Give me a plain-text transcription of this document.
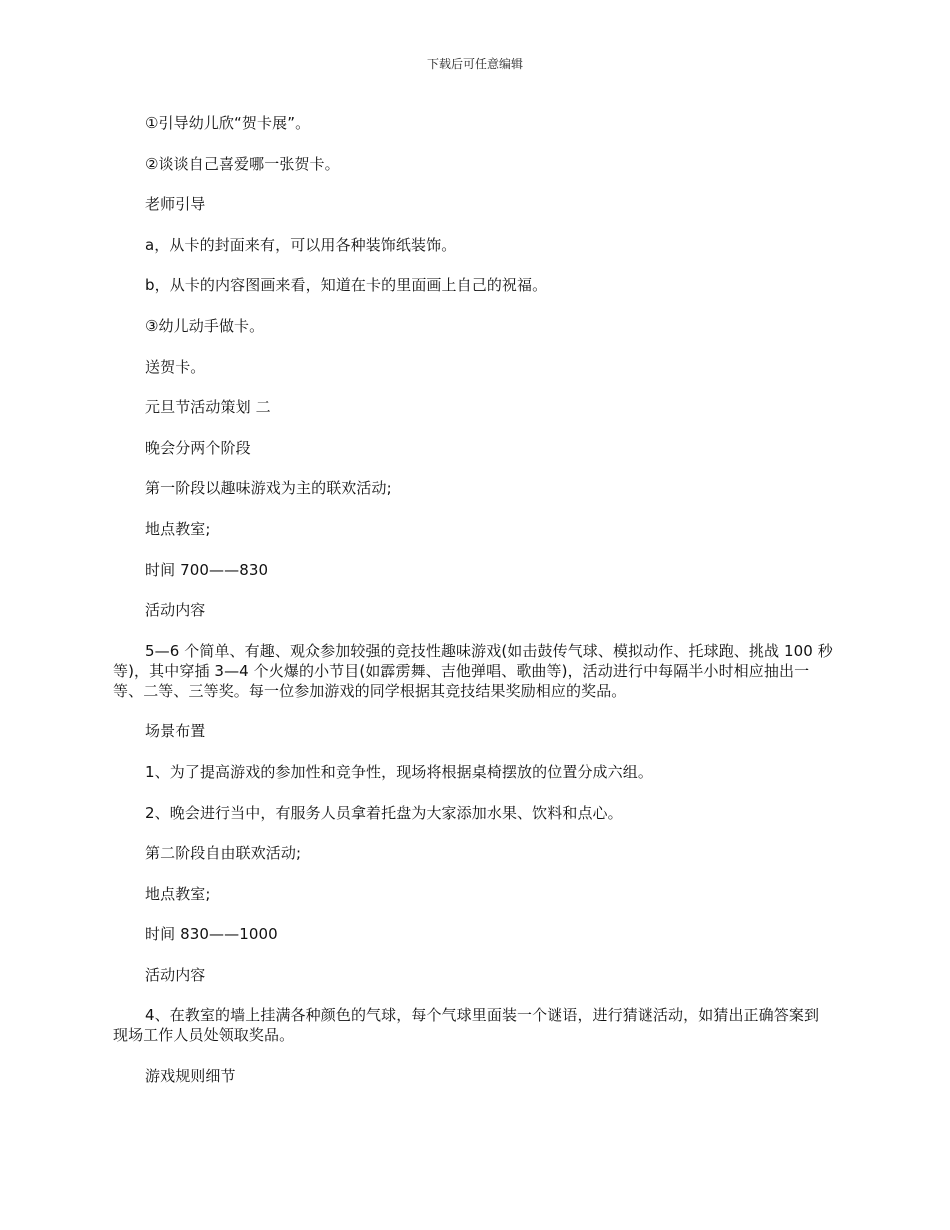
下载后可任意编辑

①引导幼儿欣“贺卡展”。

②谈谈自己喜爱哪一张贺卡。

老师引导

a，从卡的封面来有，可以用各种装饰纸装饰。

b，从卡的内容图画来看，知道在卡的里面画上自己的祝福。

③幼儿动手做卡。

送贺卡。

元旦节活动策划 二

晚会分两个阶段

第一阶段以趣味游戏为主的联欢活动;

地点教室;

时间 700——830

活动内容

5—6 个简单、有趣、观众参加较强的竞技性趣味游戏(如击鼓传气球、模拟动作、托球跑、挑战 100 秒等)，其中穿插 3—4 个火爆的小节目(如霹雳舞、吉他弹唱、歌曲等)，活动进行中每隔半小时相应抽出一等、二等、三等奖。每一位参加游戏的同学根据其竞技结果奖励相应的奖品。

场景布置

1、为了提高游戏的参加性和竞争性，现场将根据桌椅摆放的位置分成六组。

2、晚会进行当中，有服务人员拿着托盘为大家添加水果、饮料和点心。

第二阶段自由联欢活动;

地点教室;

时间 830——1000

活动内容

4、在教室的墙上挂满各种颜色的气球，每个气球里面装一个谜语，进行猜谜活动，如猜出正确答案到现场工作人员处领取奖品。

游戏规则细节
